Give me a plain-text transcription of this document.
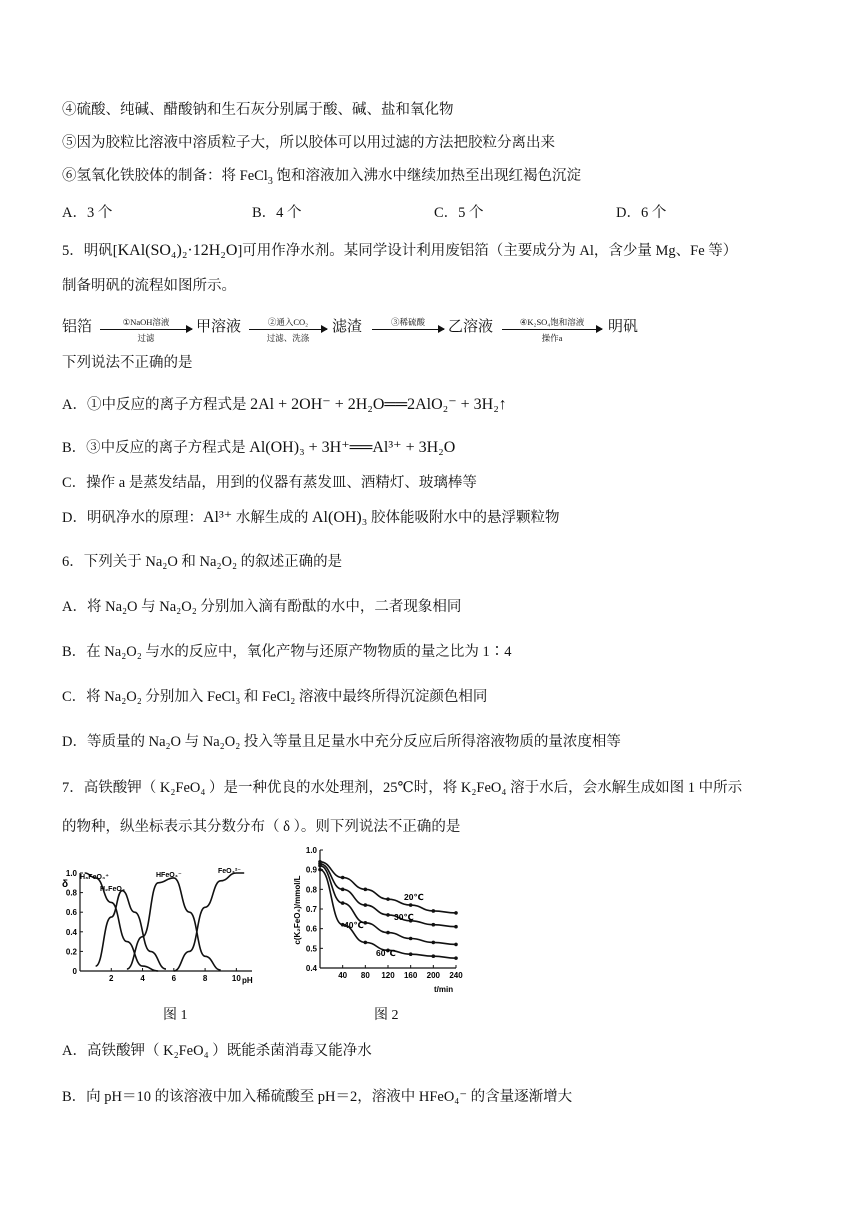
④硫酸、纯碱、醋酸钠和生石灰分别属于酸、碱、盐和氧化物
⑤因为胶粒比溶液中溶质粒子大，所以胶体可以用过滤的方法把胶粒分离出来
⑥氢氧化铁胶体的制备：将 FeCl$_3$ 饱和溶液加入沸水中继续加热至出现红褐色沉淀
A．3 个	B．4 个	C．5 个	D．6 个
5．明矾[KAl(SO₄)₂·12H₂O]可用作净水剂。某同学设计利用废铝箔（主要成分为 Al，含少量 Mg、Fe 等）
制备明矾的流程如图所示。
铝箔	①NaOH溶液
过滤
甲溶液	②通入CO₂
过滤、洗涤
滤渣	③稀硫酸	乙溶液	④K₂SO₄饱和溶液
操作a
明矾
下列说法不正确的是
A．①中反应的离子方程式是 2Al + 2OH⁻ + 2H₂O══2AlO₂⁻ + 3H₂↑
B．③中反应的离子方程式是 Al(OH)₃ + 3H⁺══Al³⁺ + 3H₂O
C．操作 a 是蒸发结晶，用到的仪器有蒸发皿、酒精灯、玻璃棒等
D．明矾净水的原理：Al³⁺ 水解生成的 Al(OH)₃ 胶体能吸附水中的悬浮颗粒物
6．下列关于 Na₂O 和 Na₂O₂ 的叙述正确的是
A．将 Na₂O 与 Na₂O₂ 分别加入滴有酚酞的水中，二者现象相同
B．在 Na₂O₂ 与水的反应中，氧化产物与还原产物物质的量之比为 1∶4
C．将 Na₂O₂ 分别加入 FeCl₃ 和 FeCl₂ 溶液中最终所得沉淀颜色相同
D．等质量的 Na₂O 与 Na₂O₂ 投入等量且足量水中充分反应后所得溶液物质的量浓度相等
7．高铁酸钾（ K₂FeO₄ ）是一种优良的水处理剂，25℃时，将 K₂FeO₄ 溶于水后，会水解生成如图 1 中所示
的物种，纵坐标表示其分数分布（ δ ）。则下列说法不正确的是
0
0.2
0.4
0.6
0.8
1.0
2	4	6	8	10
H₃FeO₄⁺
H₂FeO₄
HFeO₄⁻
FeO₄²⁻
δ
pH
0.4
0.5
0.6
0.7
0.8
0.9
1.0
40 80 120 160 200 240
20℃
30℃
40℃
60℃
c(K₂FeO₄)/mmol/L
t/min
图 1	图 2
A．高铁酸钾（ K₂FeO₄ ）既能杀菌消毒又能净水
B．向 pH＝10 的该溶液中加入稀硫酸至 pH＝2，溶液中 HFeO₄⁻ 的含量逐渐增大
